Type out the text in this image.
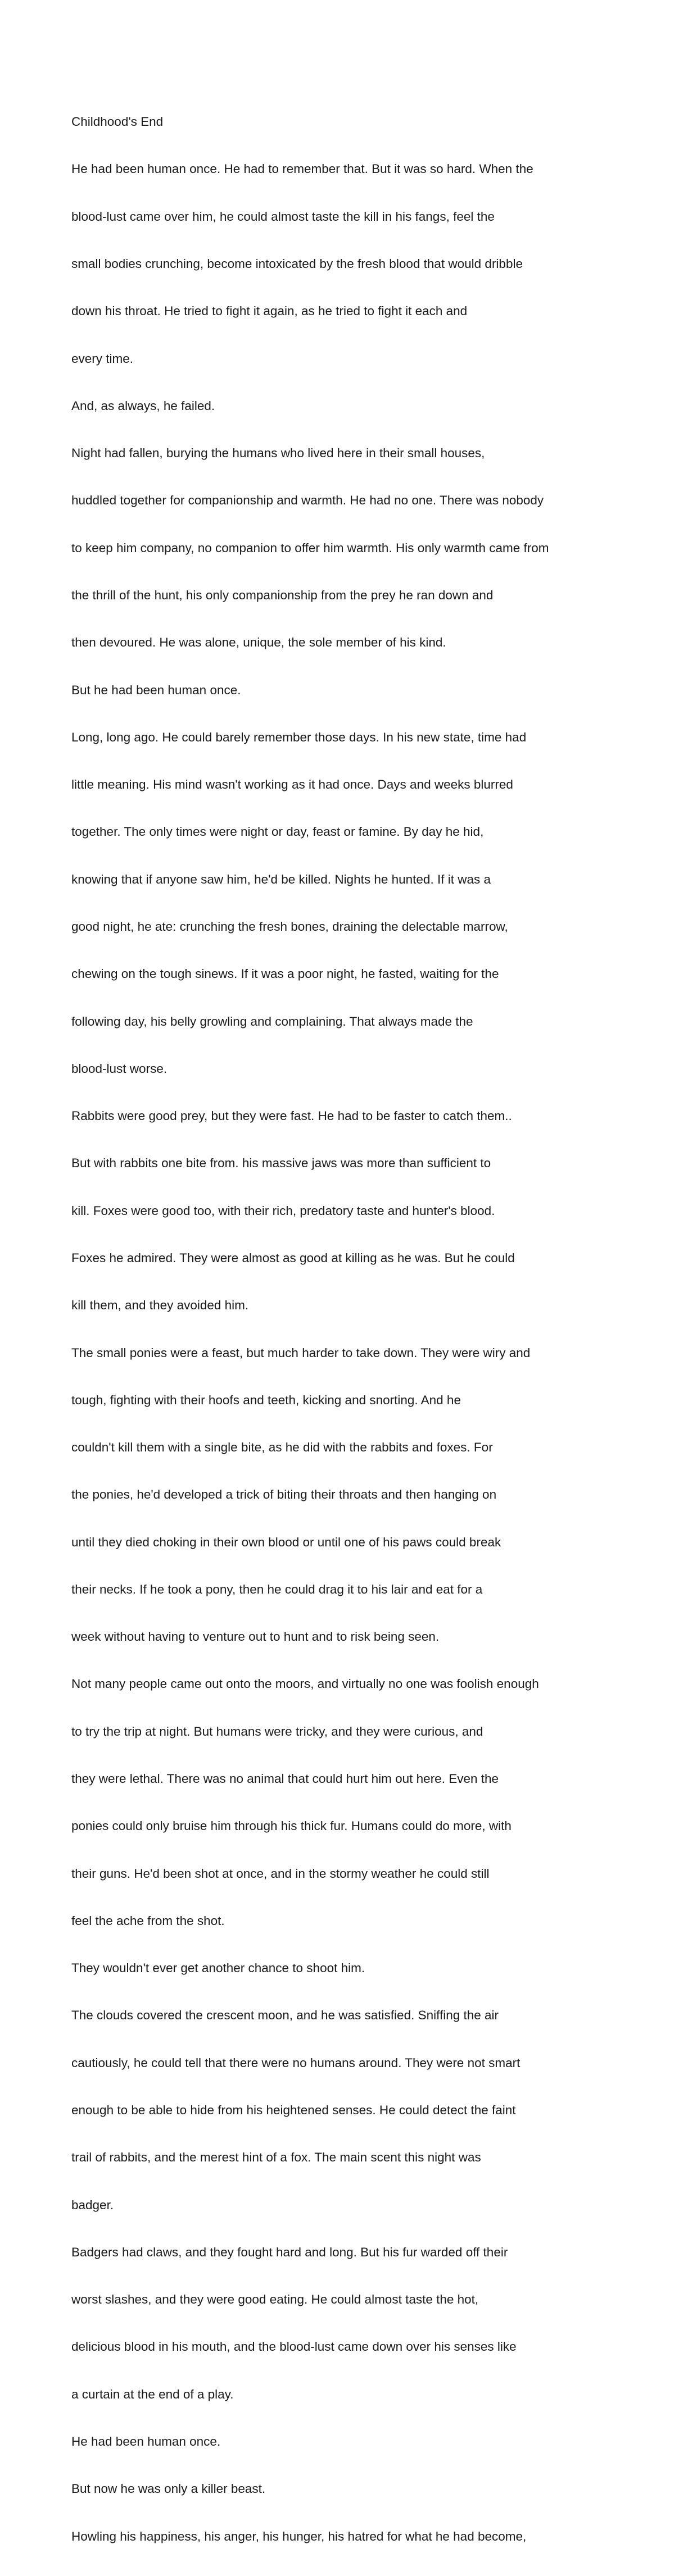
Childhood's End

He had been human once. He had to remember that. But it was so hard. When the

blood-lust came over him, he could almost taste the kill in his fangs, feel the

small bodies crunching, become intoxicated by the fresh blood that would dribble

down his throat. He tried to fight it again, as he tried to fight it each and

every time.

And, as always, he failed.

Night had fallen, burying the humans who lived here in their small houses,

huddled together for companionship and warmth. He had no one. There was nobody

to keep him company, no companion to offer him warmth. His only warmth came from

the thrill of the hunt, his only companionship from the prey he ran down and

then devoured. He was alone, unique, the sole member of his kind.

But he had been human once.

Long, long ago. He could barely remember those days. In his new state, time had

little meaning. His mind wasn't working as it had once. Days and weeks blurred

together. The only times were night or day, feast or famine. By day he hid,

knowing that if anyone saw him, he'd be killed. Nights he hunted. If it was a

good night, he ate: crunching the fresh bones, draining the delectable marrow,

chewing on the tough sinews. If it was a poor night, he fasted, waiting for the

following day, his belly growling and complaining. That always made the

blood-lust worse.

Rabbits were good prey, but they were fast. He had to be faster to catch them..

But with rabbits one bite from. his massive jaws was more than sufficient to

kill. Foxes were good too, with their rich, predatory taste and hunter's blood.

Foxes he admired. They were almost as good at killing as he was. But he could

kill them, and they avoided him.

The small ponies were a feast, but much harder to take down. They were wiry and

tough, fighting with their hoofs and teeth, kicking and snorting. And he

couldn't kill them with a single bite, as he did with the rabbits and foxes. For

the ponies, he'd developed a trick of biting their throats and then hanging on

until they died choking in their own blood or until one of his paws could break

their necks. If he took a pony, then he could drag it to his lair and eat for a

week without having to venture out to hunt and to risk being seen.

Not many people came out onto the moors, and virtually no one was foolish enough

to try the trip at night. But humans were tricky, and they were curious, and

they were lethal. There was no animal that could hurt him out here. Even the

ponies could only bruise him through his thick fur. Humans could do more, with

their guns. He'd been shot at once, and in the stormy weather he could still

feel the ache from the shot.

They wouldn't ever get another chance to shoot him.

The clouds covered the crescent moon, and he was satisfied. Sniffing the air

cautiously, he could tell that there were no humans around. They were not smart

enough to be able to hide from his heightened senses. He could detect the faint

trail of rabbits, and the merest hint of a fox. The main scent this night was

badger.

Badgers had claws, and they fought hard and long. But his fur warded off their

worst slashes, and they were good eating. He could almost taste the hot,

delicious blood in his mouth, and the blood-lust came down over his senses like

a curtain at the end of a play.

He had been human once.

But now he was only a killer beast.

Howling his happiness, his anger, his hunger, his hatred for what he had become,
